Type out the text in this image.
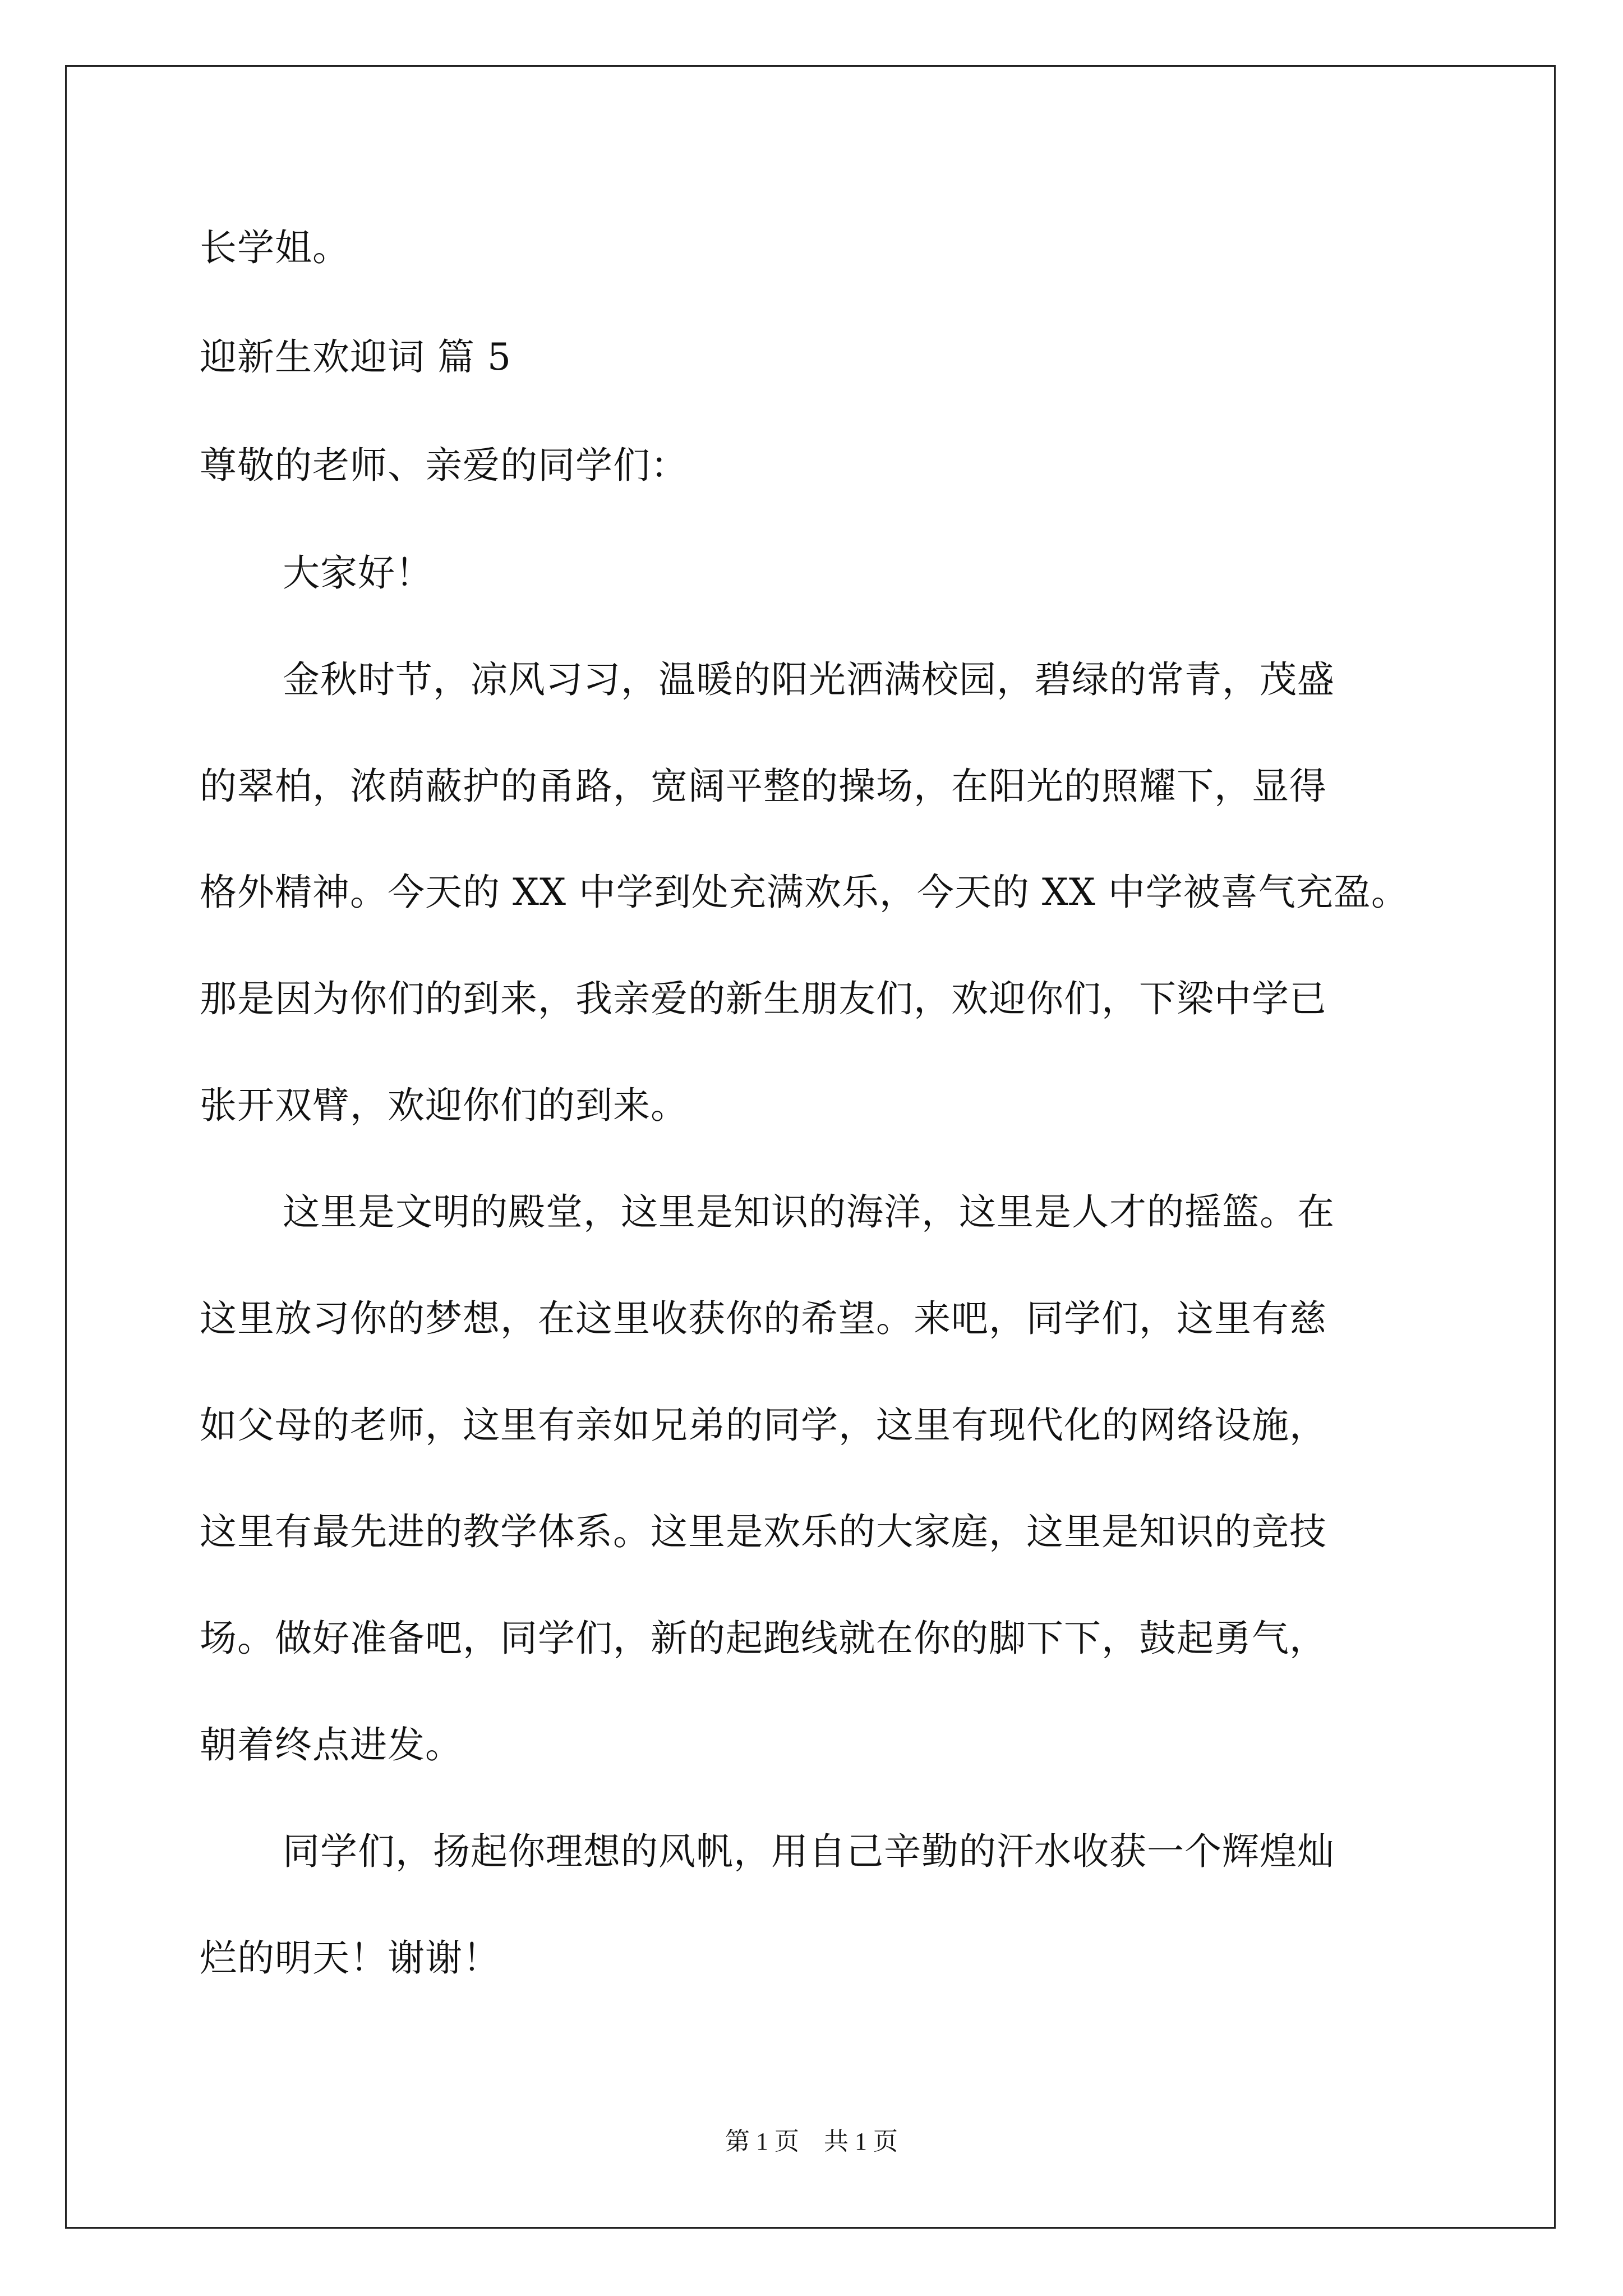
长学姐。
迎新生欢迎词 篇 5
尊敬的老师、亲爱的同学们：
大家好！
金秋时节，凉风习习，温暖的阳光洒满校园，碧绿的常青，茂盛
的翠柏，浓荫蔽护的甬路，宽阔平整的操场，在阳光的照耀下，显得
格外精神。今天的 XX 中学到处充满欢乐，今天的 XX 中学被喜气充盈。
那是因为你们的到来，我亲爱的新生朋友们，欢迎你们，下梁中学已
张开双臂，欢迎你们的到来。
这里是文明的殿堂，这里是知识的海洋，这里是人才的摇篮。在
这里放习你的梦想，在这里收获你的希望。来吧，同学们，这里有慈
如父母的老师，这里有亲如兄弟的同学，这里有现代化的网络设施，
这里有最先进的教学体系。这里是欢乐的大家庭，这里是知识的竞技
场。做好准备吧，同学们，新的起跑线就在你的脚下下，鼓起勇气，
朝着终点进发。
同学们，扬起你理想的风帆，用自己辛勤的汗水收获一个辉煌灿
烂的明天！谢谢！
第 1 页　共 1 页
